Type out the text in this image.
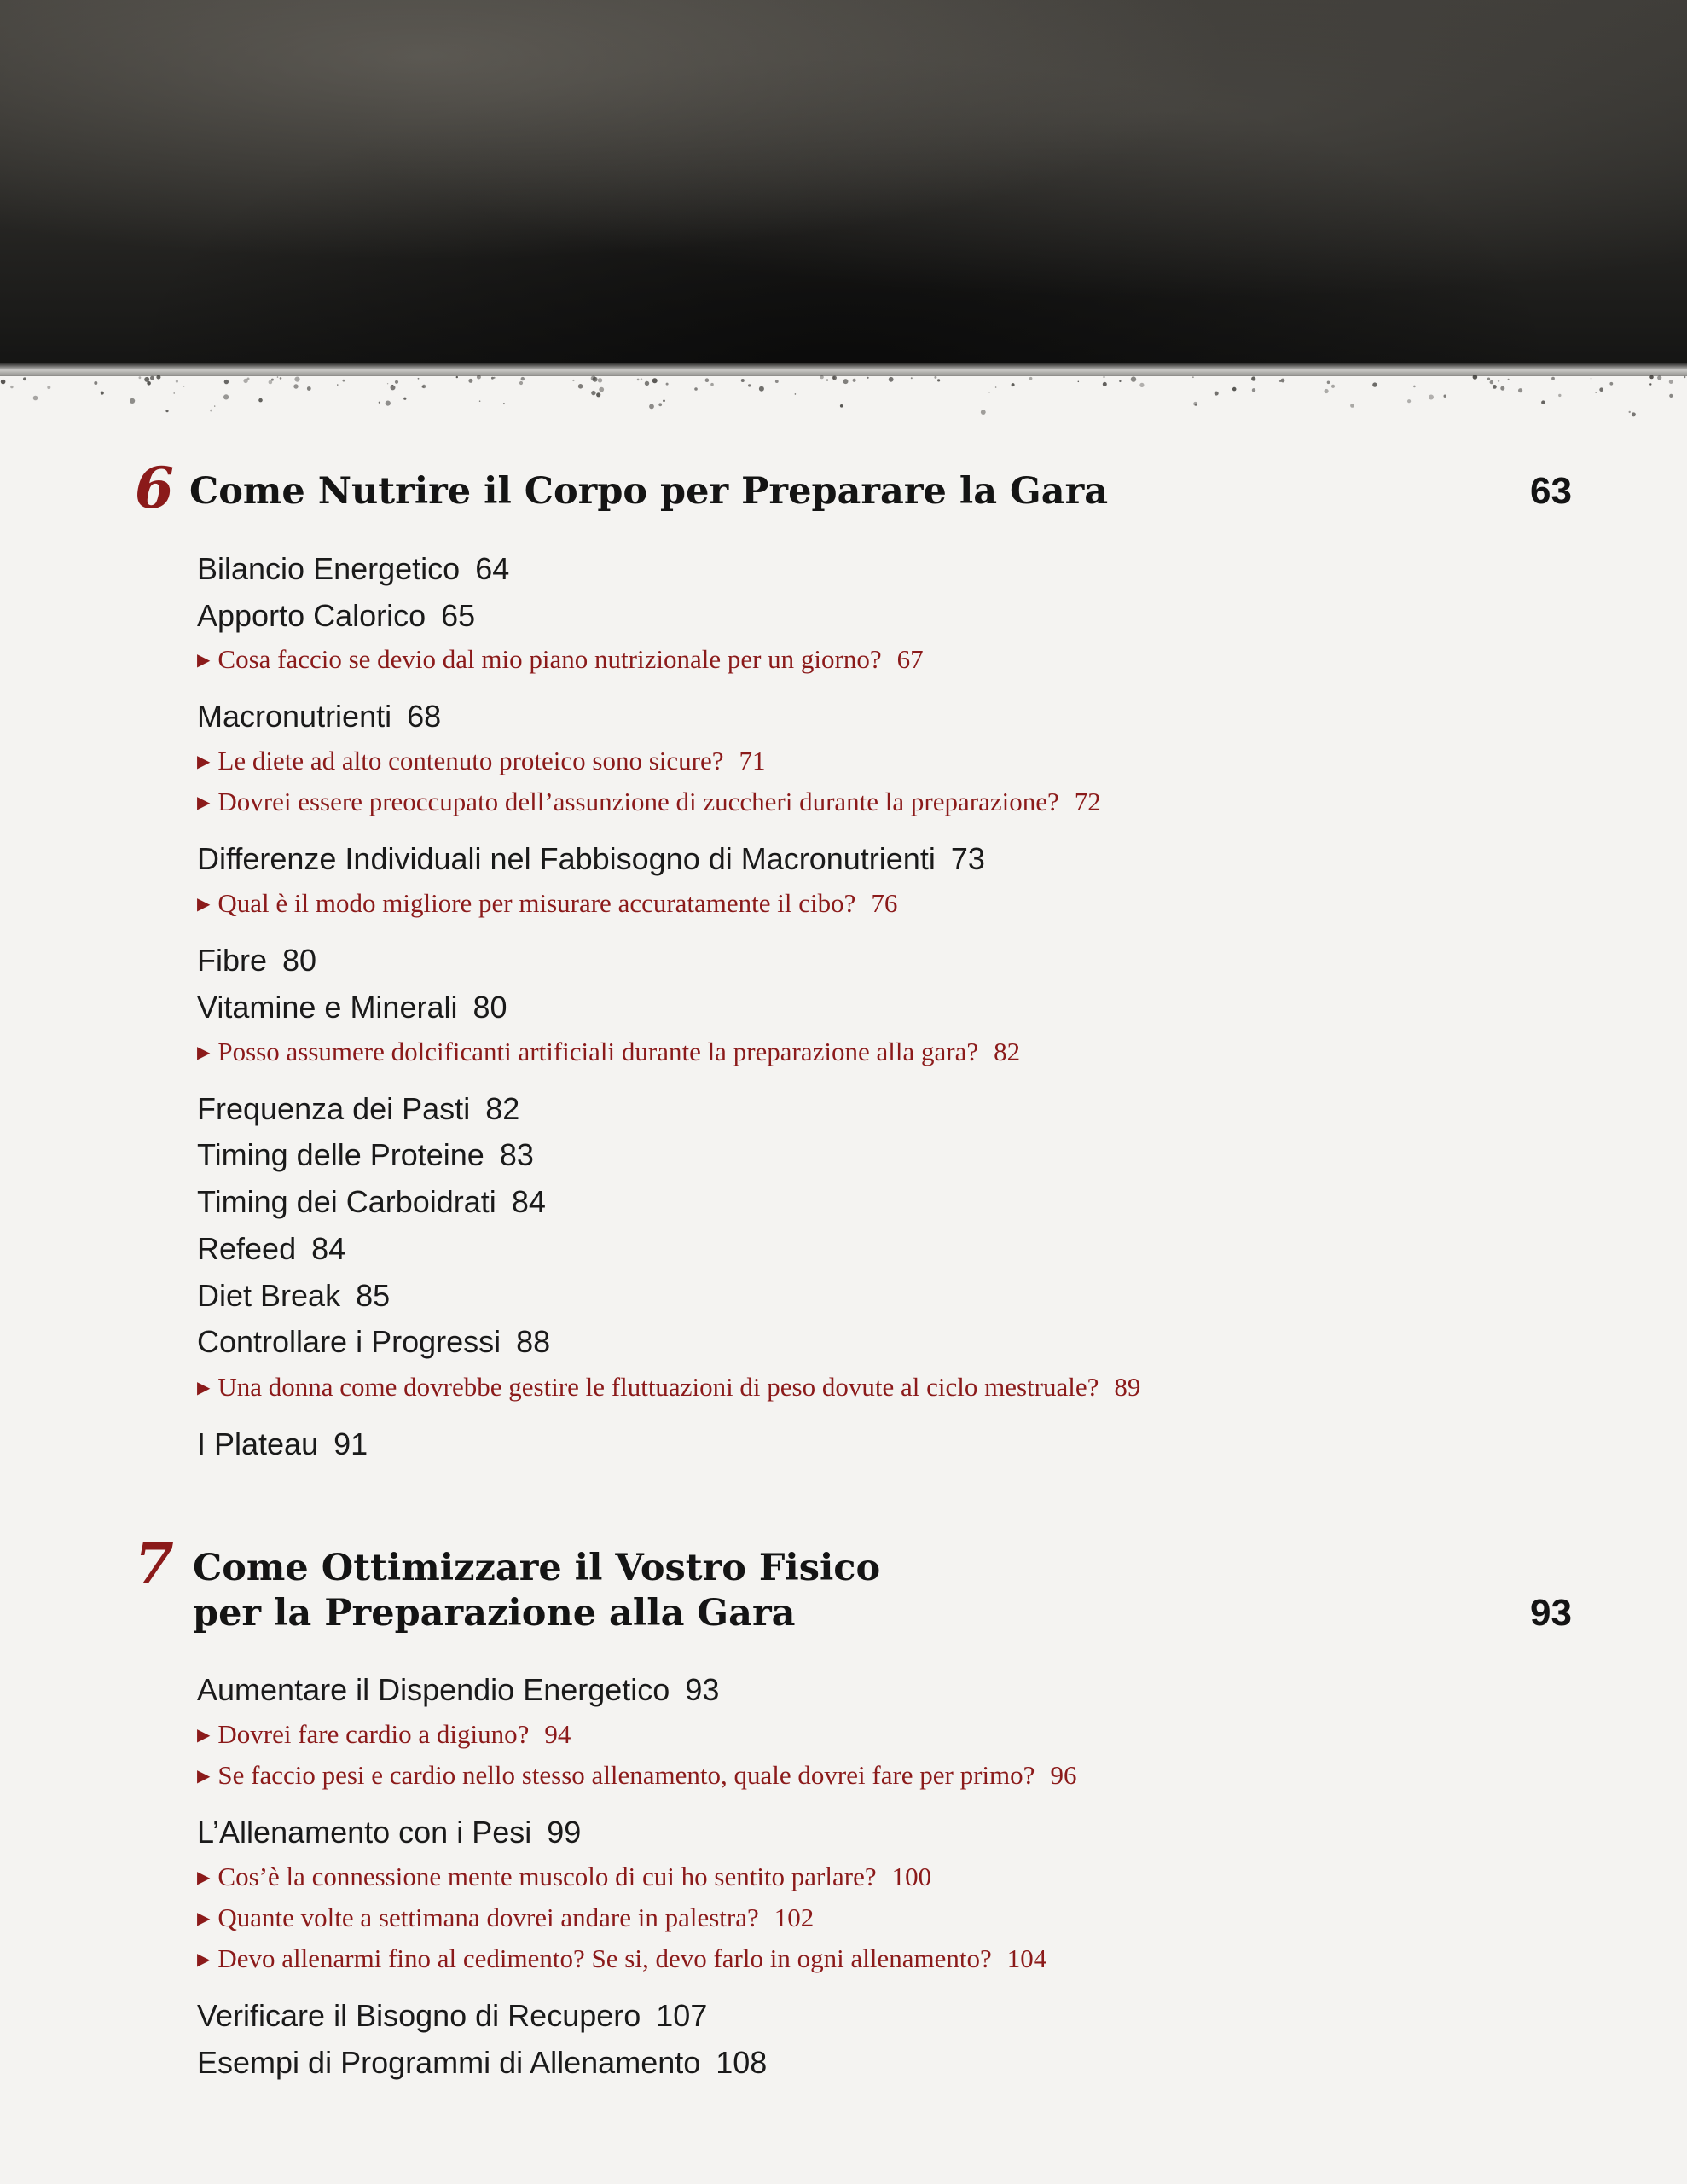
6 Come Nutrire il Corpo per Preparare la Gara	63
Bilancio Energetico 64
Apporto Calorico 65
▶ Cosa faccio se devio dal mio piano nutrizionale per un giorno? 67
Macronutrienti 68
▶ Le diete ad alto contenuto proteico sono sicure? 71
▶ Dovrei essere preoccupato dell’assunzione di zuccheri durante la preparazione? 72
Differenze Individuali nel Fabbisogno di Macronutrienti 73
▶ Qual è il modo migliore per misurare accuratamente il cibo? 76
Fibre 80
Vitamine e Minerali 80
▶ Posso assumere dolcificanti artificiali durante la preparazione alla gara? 82
Frequenza dei Pasti 82
Timing delle Proteine 83
Timing dei Carboidrati 84
Refeed 84
Diet Break 85
Controllare i Progressi 88
▶ Una donna come dovrebbe gestire le fluttuazioni di peso dovute al ciclo mestruale? 89
I Plateau 91
7 Come Ottimizzare il Vostro Fisico
per la Preparazione alla Gara	93
Aumentare il Dispendio Energetico 93
▶ Dovrei fare cardio a digiuno? 94
▶ Se faccio pesi e cardio nello stesso allenamento, quale dovrei fare per primo? 96
L’Allenamento con i Pesi 99
▶ Cos’è la connessione mente muscolo di cui ho sentito parlare? 100
▶ Quante volte a settimana dovrei andare in palestra? 102
▶ Devo allenarmi fino al cedimento? Se si, devo farlo in ogni allenamento? 104
Verificare il Bisogno di Recupero 107
Esempi di Programmi di Allenamento 108
